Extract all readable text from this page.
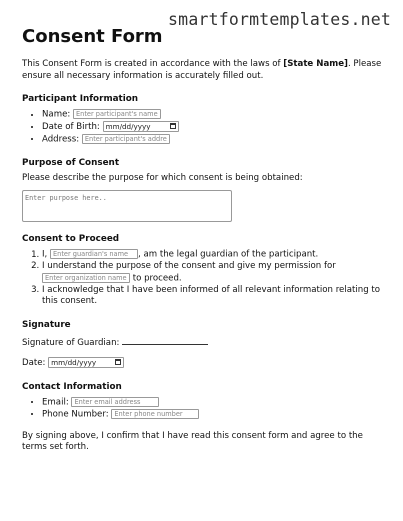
smartformtemplates.net
Consent Form

This Consent Form is created in accordance with the laws of [State Name]. Please ensure all necessary information is accurately filled out.

Participant Information
• Name: Enter participant's name
• Date of Birth: mm/dd/yyyy
• Address: Enter participant's address
Purpose of Consent

Please describe the purpose for which consent is being obtained:

Enter purpose here..
Consent to Proceed
1. I, Enter guardian's name	, am the legal guardian of the participant.
2. I understand the purpose of the consent and give my permission for
Enter organization name to proceed.
3. I acknowledge that I have been informed of all relevant information relating to this consent.
Signature

Signature of Guardian:

Date: mm/dd/yyyy

Contact Information
• Email: Enter email address
• Phone Number: Enter phone number

By signing above, I confirm that I have read this consent form and agree to the terms set forth.
